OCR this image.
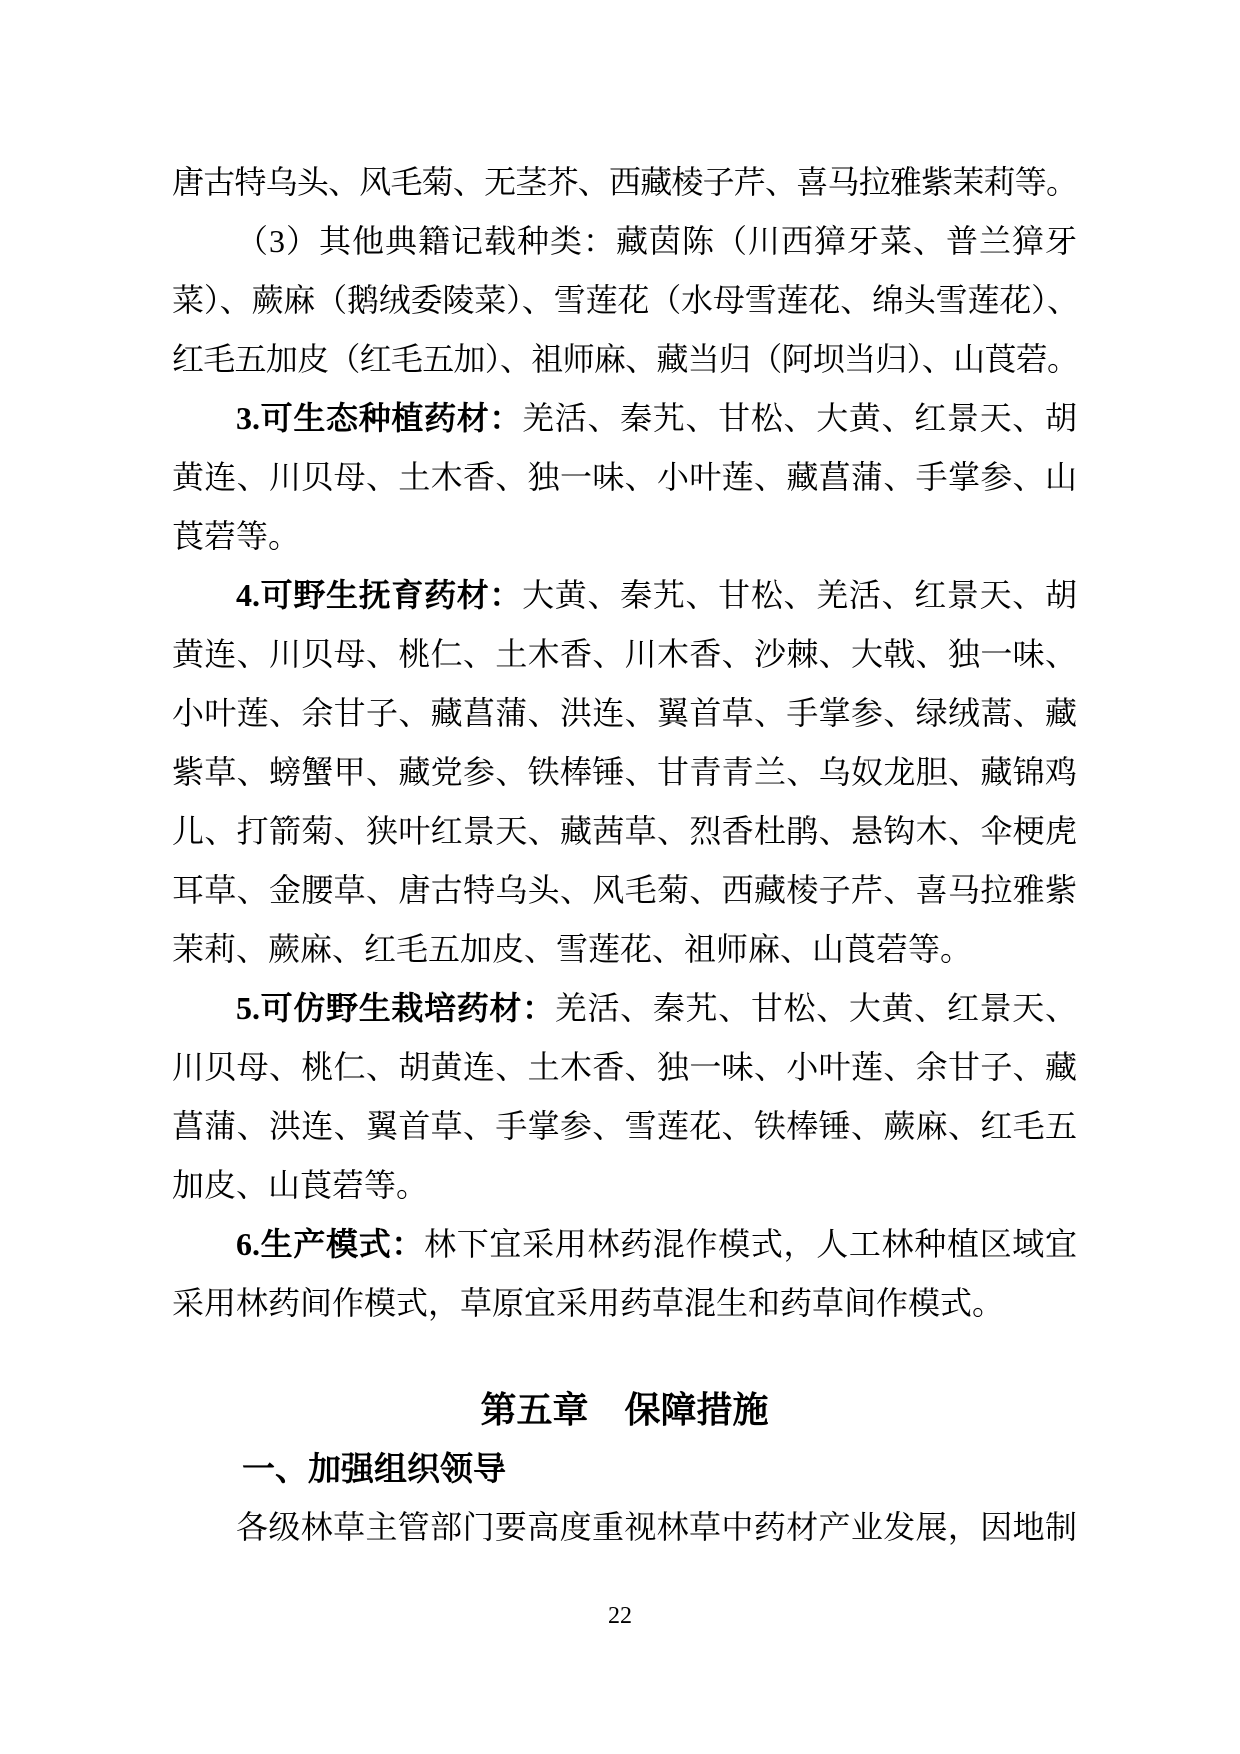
唐古特乌头、风毛菊、无茎芥、西藏棱子芹、喜马拉雅紫茉莉等。
（3）其他典籍记载种类：藏茵陈（川西獐牙菜、普兰獐牙
菜）、蕨麻（鹅绒委陵菜）、雪莲花（水母雪莲花、绵头雪莲花）、
红毛五加皮（红毛五加）、祖师麻、藏当归（阿坝当归）、山莨菪。
3.可生态种植药材：羌活、秦艽、甘松、大黄、红景天、胡
黄连、川贝母、土木香、独一味、小叶莲、藏菖蒲、手掌参、山
莨菪等。
4.可野生抚育药材：大黄、秦艽、甘松、羌活、红景天、胡
黄连、川贝母、桃仁、土木香、川木香、沙棘、大戟、独一味、
小叶莲、余甘子、藏菖蒲、洪连、翼首草、手掌参、绿绒蒿、藏
紫草、螃蟹甲、藏党参、铁棒锤、甘青青兰、乌奴龙胆、藏锦鸡
儿、打箭菊、狭叶红景天、藏茜草、烈香杜鹃、悬钩木、伞梗虎
耳草、金腰草、唐古特乌头、风毛菊、西藏棱子芹、喜马拉雅紫
茉莉、蕨麻、红毛五加皮、雪莲花、祖师麻、山莨菪等。
5.可仿野生栽培药材：羌活、秦艽、甘松、大黄、红景天、
川贝母、桃仁、胡黄连、土木香、独一味、小叶莲、余甘子、藏
菖蒲、洪连、翼首草、手掌参、雪莲花、铁棒锤、蕨麻、红毛五
加皮、山莨菪等。
6.生产模式：林下宜采用林药混作模式，人工林种植区域宜
采用林药间作模式，草原宜采用药草混生和药草间作模式。
第五章　保障措施
一、加强组织领导
各级林草主管部门要高度重视林草中药材产业发展，因地制
22
